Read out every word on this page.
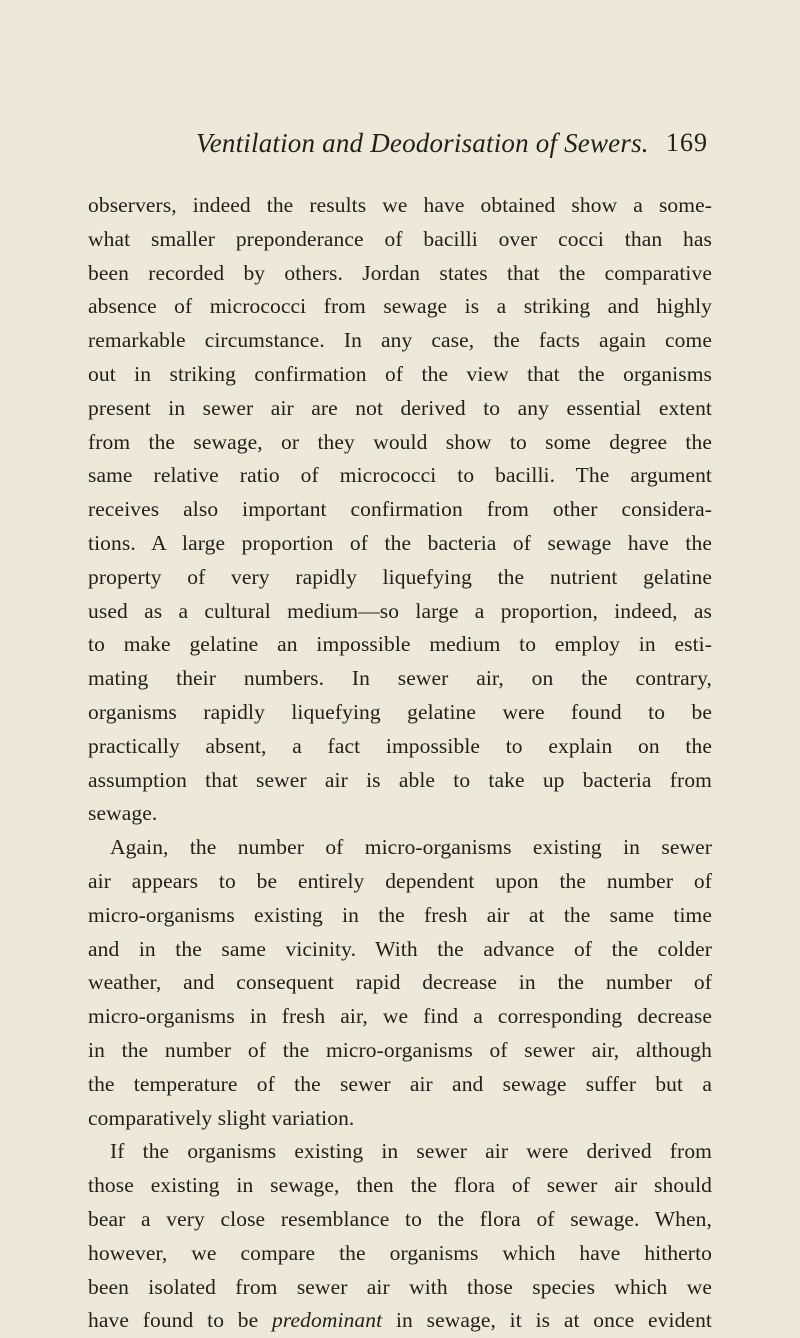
Ventilation and Deodorisation of Sewers. 169
observers, indeed the results we have obtained show a some-
what smaller preponderance of bacilli over cocci than has
been recorded by others. Jordan states that the comparative
absence of micrococci from sewage is a striking and highly
remarkable circumstance. In any case, the facts again come
out in striking confirmation of the view that the organisms
present in sewer air are not derived to any essential extent
from the sewage, or they would show to some degree the
same relative ratio of micrococci to bacilli. The argument
receives also important confirmation from other considera-
tions. A large proportion of the bacteria of sewage have the
property of very rapidly liquefying the nutrient gelatine
used as a cultural medium—so large a proportion, indeed, as
to make gelatine an impossible medium to employ in esti-
mating their numbers. In sewer air, on the contrary,
organisms rapidly liquefying gelatine were found to be
practically absent, a fact impossible to explain on the
assumption that sewer air is able to take up bacteria from
sewage.
Again, the number of micro-organisms existing in sewer
air appears to be entirely dependent upon the number of
micro-organisms existing in the fresh air at the same time
and in the same vicinity. With the advance of the colder
weather, and consequent rapid decrease in the number of
micro-organisms in fresh air, we find a corresponding decrease
in the number of the micro-organisms of sewer air, although
the temperature of the sewer air and sewage suffer but a
comparatively slight variation.
If the organisms existing in sewer air were derived from
those existing in sewage, then the flora of sewer air should
bear a very close resemblance to the flora of sewage. When,
however, we compare the organisms which have hitherto
been isolated from sewer air with those species which we
have found to be predominant in sewage, it is at once evident
